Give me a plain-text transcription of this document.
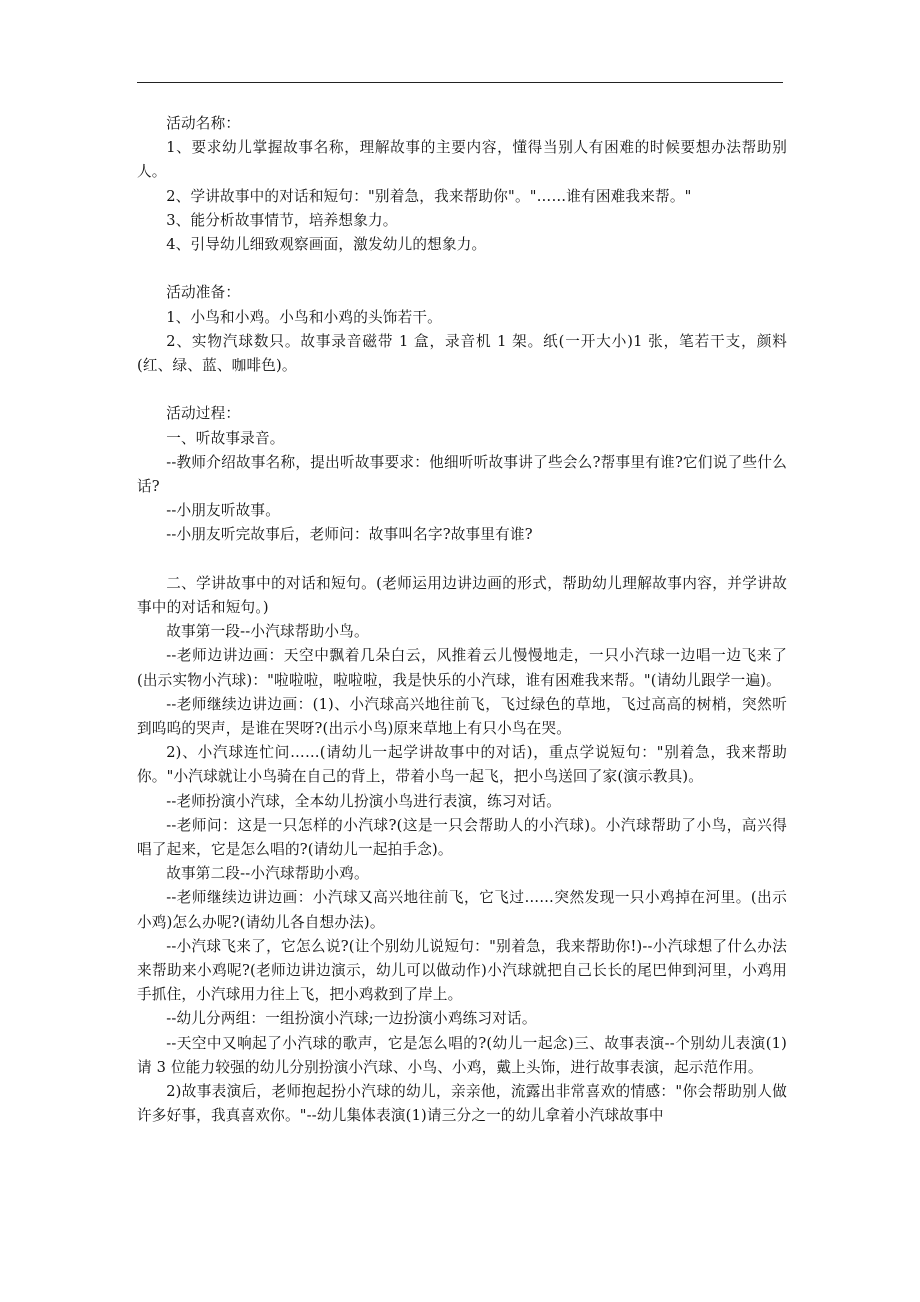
活动名称：

1、要求幼儿掌握故事名称，理解故事的主要内容，懂得当别人有困难的时候要想办法帮助别人。

2、学讲故事中的对话和短句："别着急，我来帮助你"。"……谁有困难我来帮。"

3、能分析故事情节，培养想象力。

4、引导幼儿细致观察画面，激发幼儿的想象力。

活动准备：

1、小鸟和小鸡。小鸟和小鸡的头饰若干。

2、实物汽球数只。故事录音磁带 1 盒，录音机 1 架。纸(一开大小)1 张，笔若干支，颜料(红、绿、蓝、咖啡色)。

活动过程：

一、听故事录音。

--教师介绍故事名称，提出听故事要求：他细听听故事讲了些会么?帮事里有谁?它们说了些什么话?

--小朋友听故事。

--小朋友听完故事后，老师问：故事叫名字?故事里有谁?

二、学讲故事中的对话和短句。(老师运用边讲边画的形式，帮助幼儿理解故事内容，并学讲故事中的对话和短句。)

故事第一段--小汽球帮助小鸟。

--老师边讲边画：天空中飘着几朵白云，风推着云儿慢慢地走，一只小汽球一边唱一边飞来了(出示实物小汽球)："啦啦啦，啦啦啦，我是快乐的小汽球，谁有困难我来帮。"(请幼儿跟学一遍)。

--老师继续边讲边画：(1)、小汽球高兴地往前飞，飞过绿色的草地，飞过高高的树梢，突然听到呜呜的哭声，是谁在哭呀?(出示小鸟)原来草地上有只小鸟在哭。

2)、小汽球连忙问……(请幼儿一起学讲故事中的对话)，重点学说短句："别着急，我来帮助你。"小汽球就让小鸟骑在自己的背上，带着小鸟一起飞，把小鸟送回了家(演示教具)。

--老师扮演小汽球，全本幼儿扮演小鸟进行表演，练习对话。

--老师问：这是一只怎样的小汽球?(这是一只会帮助人的小汽球)。小汽球帮助了小鸟，高兴得唱了起来，它是怎么唱的?(请幼儿一起拍手念)。

故事第二段--小汽球帮助小鸡。

--老师继续边讲边画：小汽球又高兴地往前飞，它飞过……突然发现一只小鸡掉在河里。(出示小鸡)怎么办呢?(请幼儿各自想办法)。

--小汽球飞来了，它怎么说?(让个别幼儿说短句："别着急，我来帮助你!)--小汽球想了什么办法来帮助来小鸡呢?(老师边讲边演示，幼儿可以做动作)小汽球就把自己长长的尾巴伸到河里，小鸡用手抓住，小汽球用力往上飞，把小鸡救到了岸上。

--幼儿分两组：一组扮演小汽球;一边扮演小鸡练习对话。

--天空中又响起了小汽球的歌声，它是怎么唱的?(幼儿一起念)三、故事表演--个别幼儿表演(1)请 3 位能力较强的幼儿分别扮演小汽球、小鸟、小鸡，戴上头饰，进行故事表演，起示范作用。

2)故事表演后，老师抱起扮小汽球的幼儿，亲亲他，流露出非常喜欢的情感："你会帮助别人做许多好事，我真喜欢你。"--幼儿集体表演(1)请三分之一的幼儿拿着小汽球故事中
